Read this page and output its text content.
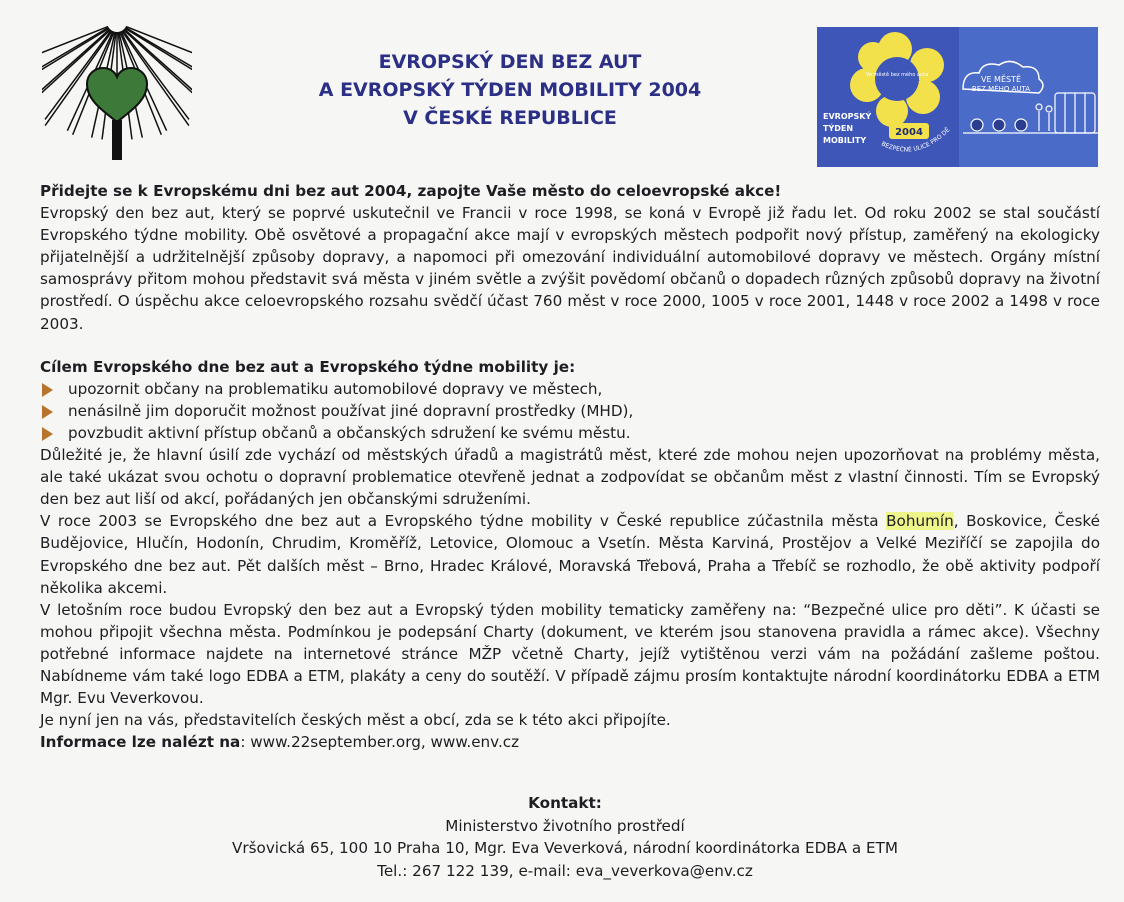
EVROPSKÝ DEN BEZ AUT
A EVROPSKÝ TÝDEN MOBILITY 2004
V ČESKÉ REPUBLICE
Ve městě bez mého auta
EVROPSKÝ
TÝDEN
MOBILITY
2004
BEZPEČNÉ ULICE PRO DĚ
VE MĚSTĚ
BEZ MÉHO AUTA

Přidejte se k Evropskému dni bez aut 2004, zapojte Vaše město do celoevropské akce!

Evropský den bez aut, který se poprvé uskutečnil ve Francii v roce 1998, se koná v Evropě již řadu let. Od roku 2002 se stal součástí Evropského týdne mobility. Obě osvětové a propagační akce mají v evropských městech podpořit nový přístup, zaměřený na ekologicky přijatelnější a udržitelnější způsoby dopravy, a napomoci při omezování individuální automobilové dopravy ve městech. Orgány místní samosprávy přitom mohou představit svá města v jiném světle a zvýšit povědomí občanů o dopadech různých způsobů dopravy na životní prostředí. O úspěchu akce celoevropského rozsahu svědčí účast 760 měst v roce 2000, 1005 v roce 2001, 1448 v roce 2002 a 1498 v roce 2003.

Cílem Evropského dne bez aut a Evropského týdne mobility je:

upozornit občany na problematiku automobilové dopravy ve městech,
nenásilně jim doporučit možnost používat jiné dopravní prostředky (MHD),
povzbudit aktivní přístup občanů a občanských sdružení ke svému městu.

Důležité je, že hlavní úsilí zde vychází od městských úřadů a magistrátů měst, které zde mohou nejen upozorňovat na problémy města, ale také ukázat svou ochotu o dopravní problematice otevřeně jednat a zodpovídat se občanům měst z vlastní činnosti. Tím se Evropský den bez aut liší od akcí, pořádaných jen občanskými sdruženími.

V roce 2003 se Evropského dne bez aut a Evropského týdne mobility v České republice zúčastnila města Bohumín, Boskovice, České Budějovice, Hlučín, Hodonín, Chrudim, Kroměříž, Letovice, Olomouc a Vsetín. Města Karviná, Prostějov a Velké Meziříčí se zapojila do Evropského dne bez aut. Pět dalších měst – Brno, Hradec Králové, Moravská Třebová, Praha a Třebíč se rozhodlo, že obě aktivity podpoří několika akcemi.

V letošním roce budou Evropský den bez aut a Evropský týden mobility tematicky zaměřeny na: “Bezpečné ulice pro děti”. K účasti se mohou připojit všechna města. Podmínkou je podepsání Charty (dokument, ve kterém jsou stanovena pravidla a rámec akce). Všechny potřebné informace najdete na internetové stránce MŽP včetně Charty, jejíž vytištěnou verzi vám na požádání zašleme poštou. Nabídneme vám také logo EDBA a ETM, plakáty a ceny do soutěží. V případě zájmu prosím kontaktujte národní koordinátorku EDBA a ETM Mgr. Evu Veverkovou.

Je nyní jen na vás, představitelích českých měst a obcí, zda se k této akci připojíte.

Informace lze nalézt na: www.22september.org, www.env.cz

Kontakt:
Ministerstvo životního prostředí
Vršovická 65, 100 10 Praha 10, Mgr. Eva Veverková, národní koordinátorka EDBA a ETM
Tel.: 267 122 139, e-mail: eva_veverkova@env.cz
